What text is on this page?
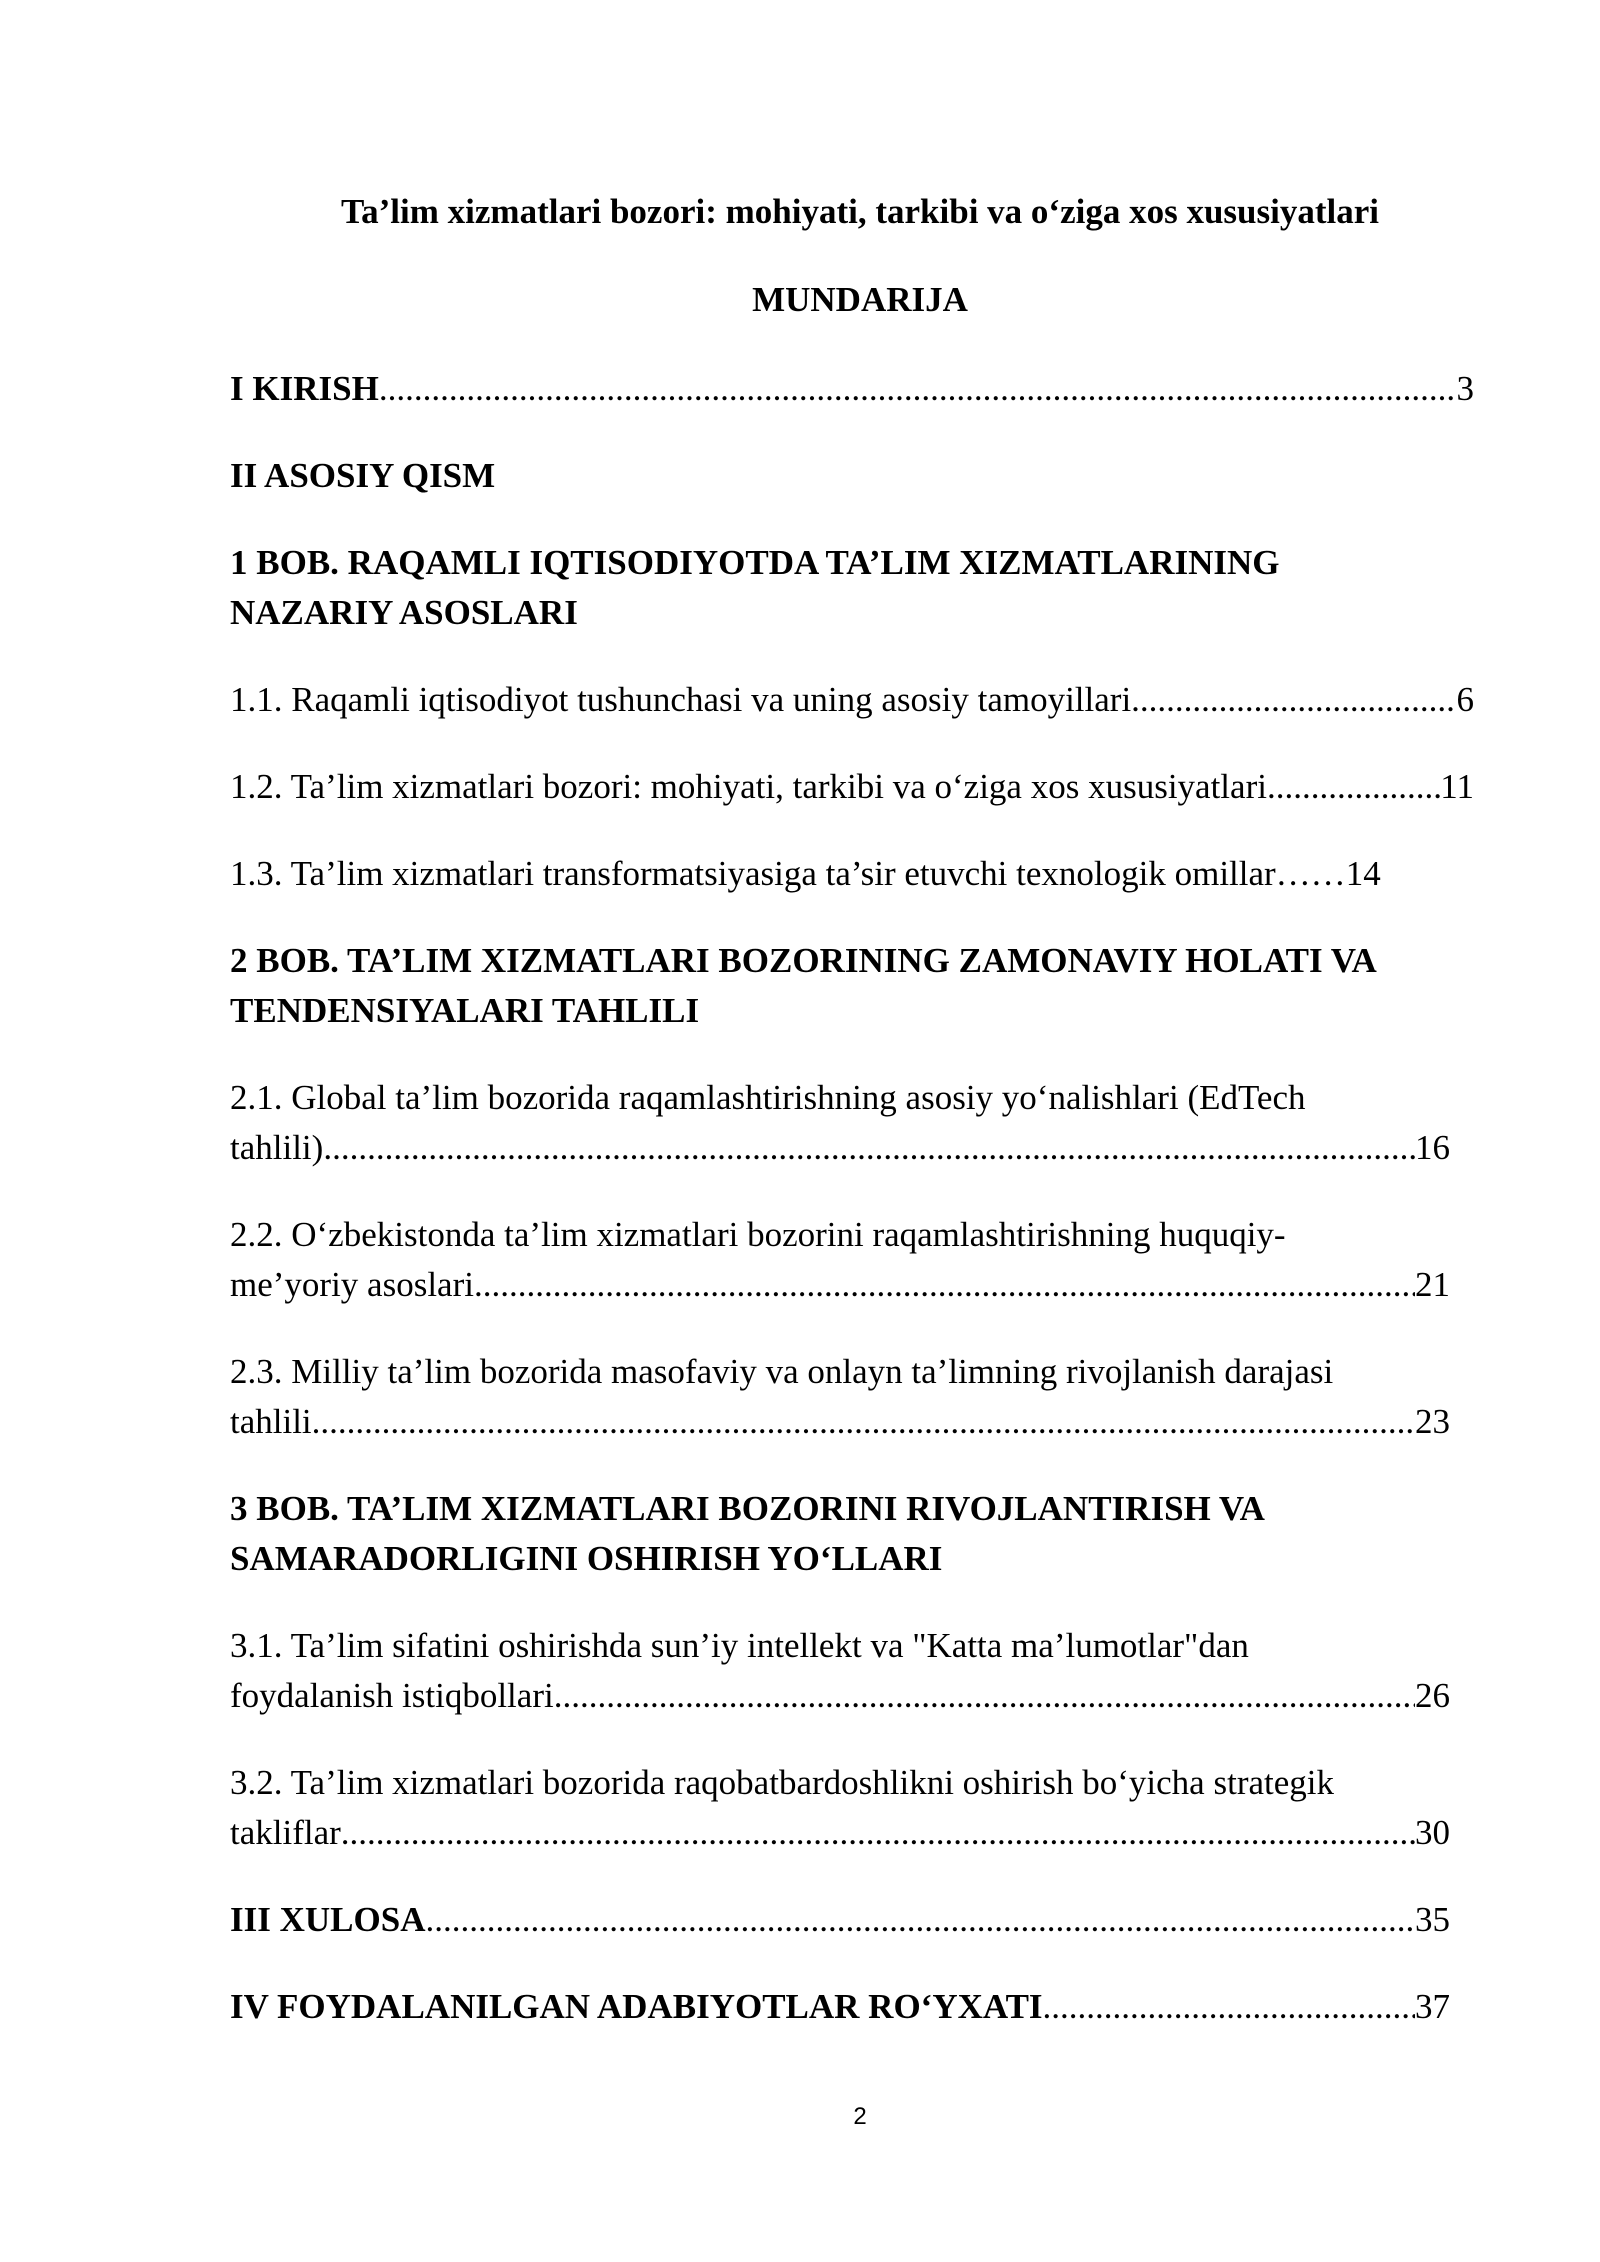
Ta’lim xizmatlari bozori: mohiyati, tarkibi va o‘ziga xos xususiyatlari

MUNDARIJA

I KIRISH .....	3
II ASOSIY QISM
1 BOB. RAQAMLI IQTISODIYOTDA TA’LIM XIZMATLARINING
NAZARIY ASOSLARI
1.1. Raqamli iqtisodiyot tushunchasi va uning asosiy tamoyillari .....	6
1.2. Ta’lim xizmatlari bozori: mohiyati, tarkibi va o‘ziga xos xususiyatlari .....	11
1.3. Ta’lim xizmatlari transformatsiyasiga ta’sir etuvchi texnologik omillar…… 14
2 BOB. TA’LIM XIZMATLARI BOZORINING ZAMONAVIY HOLATI VA
TENDENSIYALARI TAHLILI
2.1. Global ta’lim bozorida raqamlashtirishning asosiy yo‘nalishlari (EdTech
tahlili) .....	16
2.2. O‘zbekistonda ta’lim xizmatlari bozorini raqamlashtirishning huquqiy-
me’yoriy asoslari .....	21
2.3. Milliy ta’lim bozorida masofaviy va onlayn ta’limning rivojlanish darajasi
tahlili .....	23
3 BOB. TA’LIM XIZMATLARI BOZORINI RIVOJLANTIRISH VA
SAMARADORLIGINI OSHIRISH YO‘LLARI
3.1. Ta’lim sifatini oshirishda sun’iy intellekt va "Katta ma’lumotlar"dan
foydalanish istiqbollari .....	26
3.2. Ta’lim xizmatlari bozorida raqobatbardoshlikni oshirish bo‘yicha strategik
takliflar .....	30
III XULOSA .....	35
IV FOYDALANILGAN ADABIYOTLAR RO‘YXATI .....	37
2
